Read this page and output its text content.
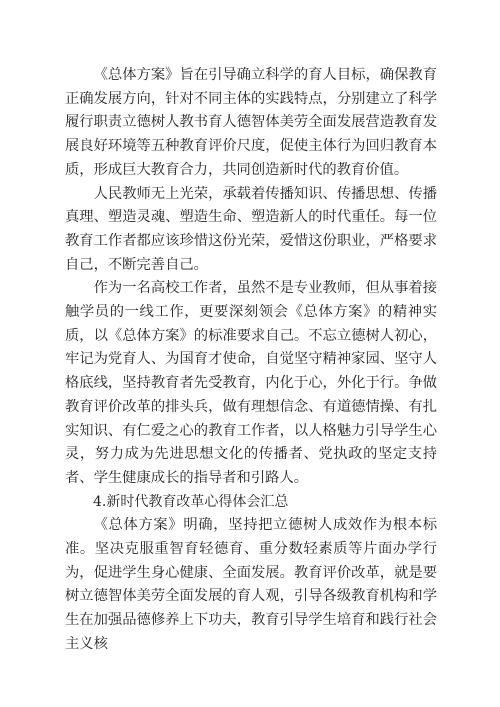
《总体方案》旨在引导确立科学的育人目标，确保教育正确发展方向，针对不同主体的实践特点，分别建立了科学履行职责立德树人教书育人德智体美劳全面发展营造教育发展良好环境等五种教育评价尺度，促使主体行为回归教育本质，形成巨大教育合力，共同创造新时代的教育价值。

人民教师无上光荣，承载着传播知识、传播思想、传播真理、塑造灵魂、塑造生命、塑造新人的时代重任。每一位教育工作者都应该珍惜这份光荣，爱惜这份职业，严格要求自己，不断完善自己。

作为一名高校工作者，虽然不是专业教师，但从事着接触学员的一线工作，更要深刻领会《总体方案》的精神实质，以《总体方案》的标准要求自己。不忘立德树人初心，牢记为党育人、为国育才使命，自觉坚守精神家园、坚守人格底线，坚持教育者先受教育，内化于心，外化于行。争做教育评价改革的排头兵，做有理想信念、有道德情操、有扎实知识、有仁爱之心的教育工作者，以人格魅力引导学生心灵，努力成为先进思想文化的传播者、党执政的坚定支持者、学生健康成长的指导者和引路人。

4.新时代教育改革心得体会汇总

《总体方案》明确，坚持把立德树人成效作为根本标准。坚决克服重智育轻德育、重分数轻素质等片面办学行为，促进学生身心健康、全面发展。教育评价改革，就是要树立德智体美劳全面发展的育人观，引导各级教育机构和学生在加强品德修养上下功夫，教育引导学生培育和践行社会主义核
